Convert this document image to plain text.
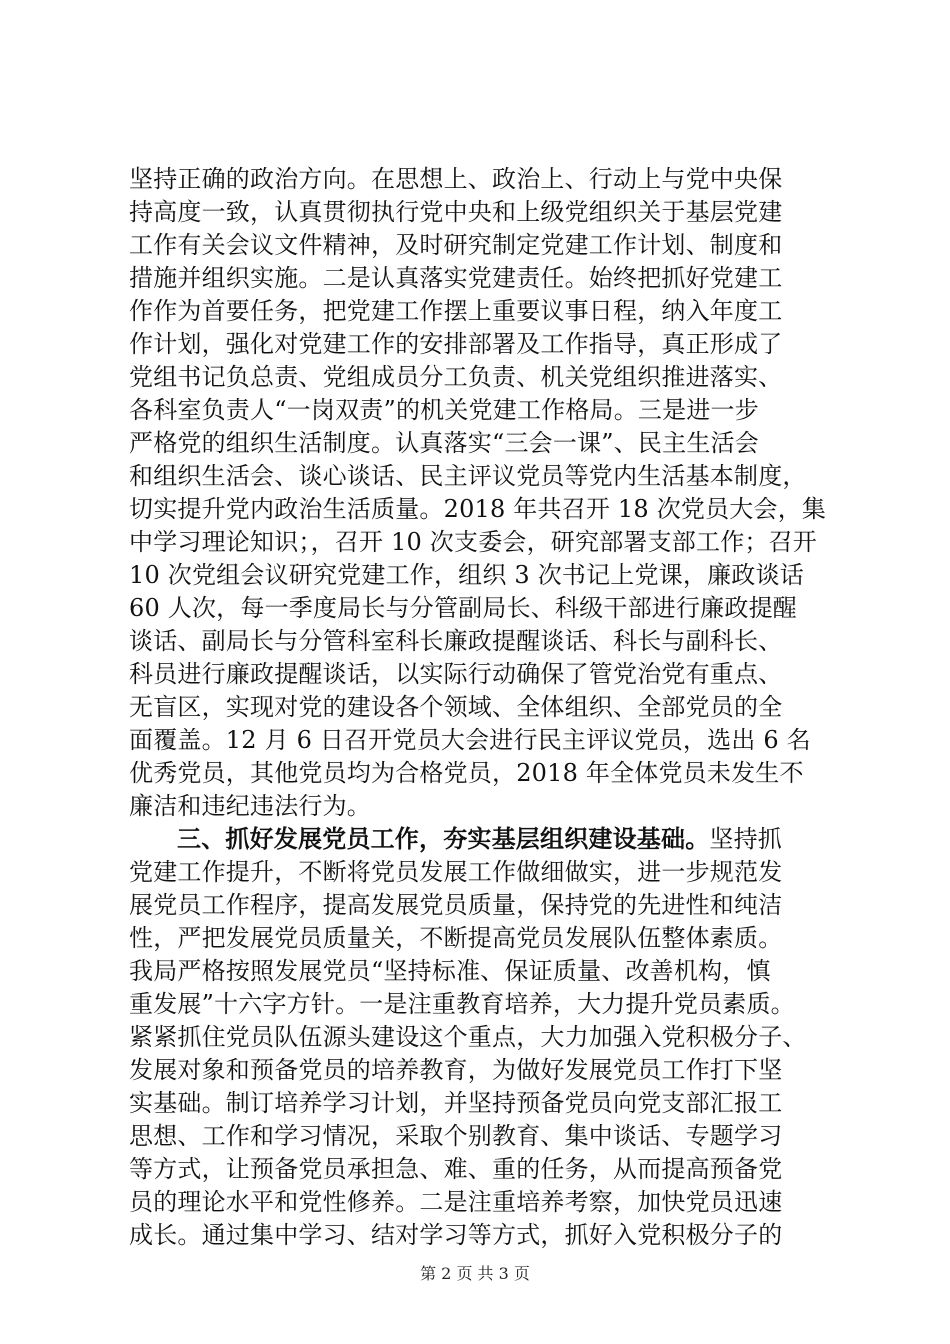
坚持正确的政治方向。在思想上、政治上、行动上与党中央保
持高度一致，认真贯彻执行党中央和上级党组织关于基层党建
工作有关会议文件精神，及时研究制定党建工作计划、制度和
措施并组织实施。二是认真落实党建责任。始终把抓好党建工
作作为首要任务，把党建工作摆上重要议事日程，纳入年度工
作计划，强化对党建工作的安排部署及工作指导，真正形成了
党组书记负总责、党组成员分工负责、机关党组织推进落实、
各科室负责人“一岗双责”的机关党建工作格局。三是进一步
严格党的组织生活制度。认真落实“三会一课”、民主生活会
和组织生活会、谈心谈话、民主评议党员等党内生活基本制度，
切实提升党内政治生活质量。2018 年共召开 18 次党员大会，集
中学习理论知识；，召开 10 次支委会，研究部署支部工作；召开
10 次党组会议研究党建工作，组织 3 次书记上党课，廉政谈话
60 人次，每一季度局长与分管副局长、科级干部进行廉政提醒
谈话、副局长与分管科室科长廉政提醒谈话、科长与副科长、
科员进行廉政提醒谈话，以实际行动确保了管党治党有重点、
无盲区，实现对党的建设各个领域、全体组织、全部党员的全
面覆盖。12 月 6 日召开党员大会进行民主评议党员，选出 6 名
优秀党员，其他党员均为合格党员，2018 年全体党员未发生不
廉洁和违纪违法行为。
三、抓好发展党员工作，夯实基层组织建设基础。坚持抓
党建工作提升，不断将党员发展工作做细做实，进一步规范发
展党员工作程序，提高发展党员质量，保持党的先进性和纯洁
性，严把发展党员质量关，不断提高党员发展队伍整体素质。
我局严格按照发展党员“坚持标准、保证质量、改善机构，慎
重发展”十六字方针。一是注重教育培养，大力提升党员素质。
紧紧抓住党员队伍源头建设这个重点，大力加强入党积极分子、
发展对象和预备党员的培养教育，为做好发展党员工作打下坚
实基础。制订培养学习计划，并坚持预备党员向党支部汇报工
思想、工作和学习情况，采取个别教育、集中谈话、专题学习
等方式，让预备党员承担急、难、重的任务，从而提高预备党
员的理论水平和党性修养。二是注重培养考察，加快党员迅速
成长。通过集中学习、结对学习等方式，抓好入党积极分子的
第 2 页 共 3 页
